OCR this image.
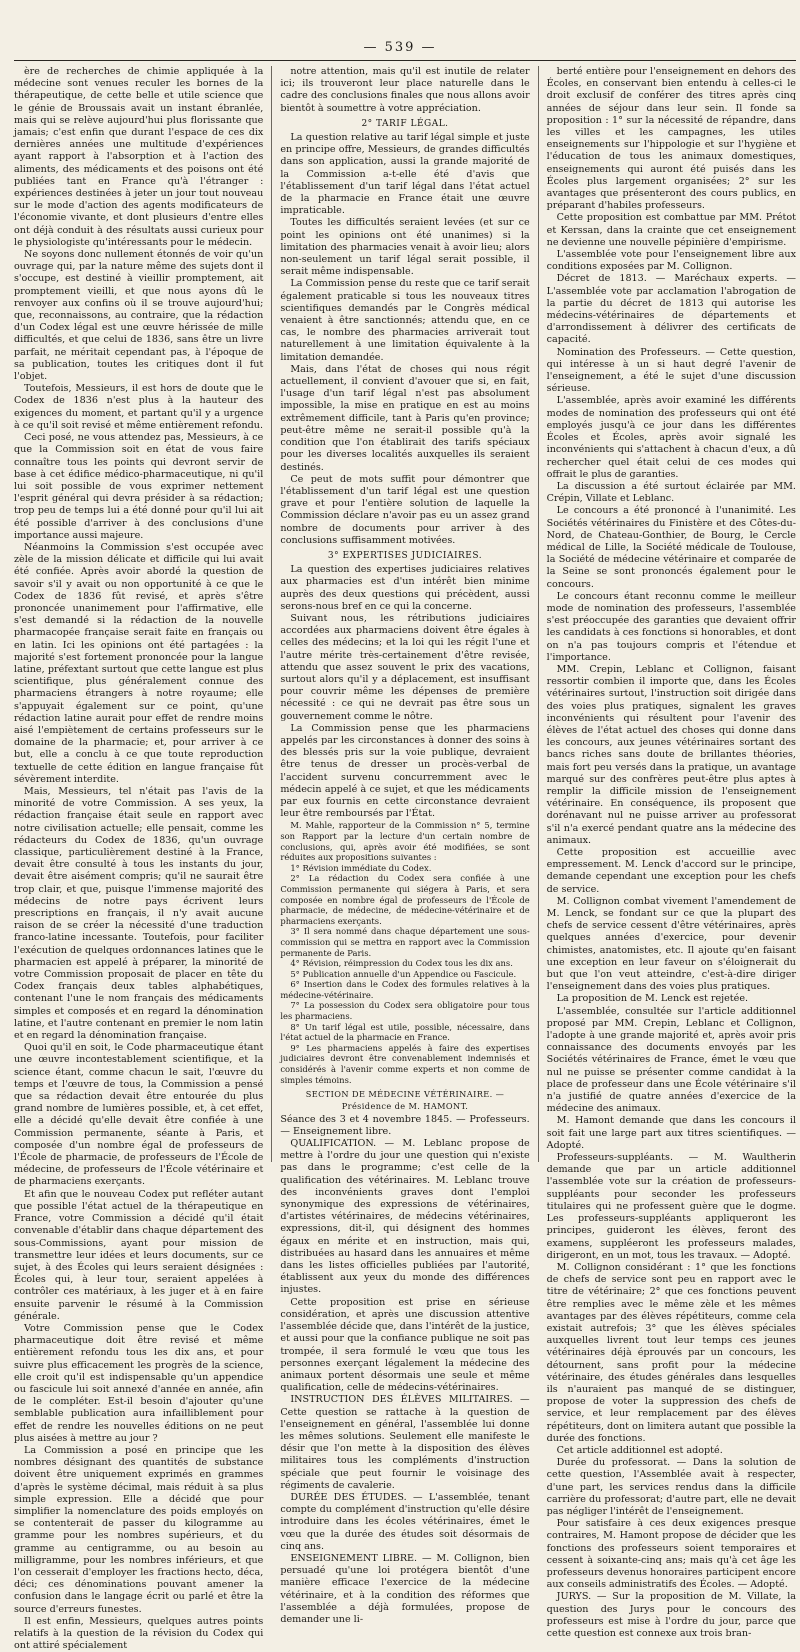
— 539 —

ère de recherches de chimie appliquée à la médecine sont venues reculer les bornes de la thérapeutique, de cette belle et utile science que le génie de Broussais avait un instant ébranlée, mais qui se relève aujourd'hui plus florissante que jamais; c'est enfin que durant l'espace de ces dix dernières années une multitude d'expériences ayant rapport à l'absorption et à l'action des aliments, des médicaments et des poisons ont été publiées tant en France qu'à l'étranger : expériences destinées à jeter un jour tout nouveau sur le mode d'action des agents modificateurs de l'économie vivante, et dont plusieurs d'entre elles ont déjà conduit à des résultats aussi curieux pour le physiologiste qu'intéressants pour le médecin.

Ne soyons donc nullement étonnés de voir qu'un ouvrage qui, par la nature même des sujets dont il s'occupe, est destiné à vieillir promptement, ait promptement vieilli, et que nous ayons dû le renvoyer aux confins où il se trouve aujourd'hui; que, reconnaissons, au contraire, que la rédaction d'un Codex légal est une œuvre hérissée de mille difficultés, et que celui de 1836, sans être un livre parfait, ne méritait cependant pas, à l'époque de sa publication, toutes les critiques dont il fut l'objet.

Toutefois, Messieurs, il est hors de doute que le Codex de 1836 n'est plus à la hauteur des exigences du moment, et partant qu'il y a urgence à ce qu'il soit revisé et même entièrement refondu.

Ceci posé, ne vous attendez pas, Messieurs, à ce que la Commission soit en état de vous faire connaître tous les points qui devront servir de base à cet édifice médico-pharmaceutique, ni qu'il lui soit possible de vous exprimer nettement l'esprit général qui devra présider à sa rédaction; trop peu de temps lui a été donné pour qu'il lui ait été possible d'arriver à des conclusions d'une importance aussi majeure.

Néanmoins la Commission s'est occupée avec zèle de la mission délicate et difficile qui lui avait été confiée. Après avoir abordé la question de savoir s'il y avait ou non opportunité à ce que le Codex de 1836 fût revisé, et après s'être prononcée unanimement pour l'affirmative, elle s'est demandé si la rédaction de la nouvelle pharmacopée française serait faite en français ou en latin. Ici les opinions ont été partagées : la majorité s'est fortement prononcée pour la langue latine, préfextant surtout que cette langue est plus scientifique, plus généralement connue des pharmaciens étrangers à notre royaume; elle s'appuyait également sur ce point, qu'une rédaction latine aurait pour effet de rendre moins aisé l'empiètement de certains professeurs sur le domaine de la pharmacie; et, pour arriver à ce but, elle a conclu à ce que toute reproduction textuelle de cette édition en langue française fût sévèrement interdite.

Mais, Messieurs, tel n'était pas l'avis de la minorité de votre Commission. A ses yeux, la rédaction française était seule en rapport avec notre civilisation actuelle; elle pensait, comme les rédacteurs du Codex de 1836, qu'un ouvrage classique, particulièrement destiné à la France, devait être consulté à tous les instants du jour, devait être aisément compris; qu'il ne saurait être trop clair, et que, puisque l'immense majorité des médecins de notre pays écrivent leurs prescriptions en français, il n'y avait aucune raison de se créer la nécessité d'une traduction franco-latine incessante. Toutefois, pour faciliter l'exécution de quelques ordonnances latines que le pharmacien est appelé à préparer, la minorité de votre Commission proposait de placer en tête du Codex français deux tables alphabétiques, contenant l'une le nom français des médicaments simples et composés et en regard la dénomination latine, et l'autre contenant en premier le nom latin et en regard la dénomination française.

Quoi qu'il en soit, le Code pharmaceutique étant une œuvre incontestablement scientifique, et la science étant, comme chacun le sait, l'œuvre du temps et l'œuvre de tous, la Commission a pensé que sa rédaction devait être entourée du plus grand nombre de lumières possible, et, à cet effet, elle a décidé qu'elle devait être confiée à une Commission permanente, séante à Paris, et composée d'un nombre égal de professeurs de l'École de pharmacie, de professeurs de l'École de médecine, de professeurs de l'École vétérinaire et de pharmaciens exerçants.

Et afin que le nouveau Codex put refléter autant que possible l'état actuel de la thérapeutique en France, votre Commission a décidé qu'il était convenable d'établir dans chaque département des sous-Commissions, ayant pour mission de transmettre leur idées et leurs documents, sur ce sujet, à des Écoles qui leurs seraient désignées : Écoles qui, à leur tour, seraient appelées à contrôler ces matériaux, à les juger et à en faire ensuite parvenir le résumé à la Commission générale.

Votre Commission pense que le Codex pharmaceutique doit être revisé et même entièrement refondu tous les dix ans, et pour suivre plus efficacement les progrès de la science, elle croit qu'il est indispensable qu'un appendice ou fascicule lui soit annexé d'année en année, afin de le compléter. Est-il besoin d'ajouter qu'une semblable publication aura infailliblement pour effet de rendre les nouvelles éditions on ne peut plus aisées à mettre au jour ?

La Commission a posé en principe que les nombres désignant des quantités de substance doivent être uniquement exprimés en grammes d'après le système décimal, mais réduit à sa plus simple expression. Elle a décidé que pour simplifier la nomenclature des poids employés on se contenterait de passer du kilogramme au gramme pour les nombres supérieurs, et du gramme au centigramme, ou au besoin au milligramme, pour les nombres inférieurs, et que l'on cesserait d'employer les fractions hecto, déca, déci; ces dénominations pouvant amener la confusion dans le langage écrit ou parlé et être la source d'erreurs funestes.

Il est enfin, Messieurs, quelques autres points relatifs à la question de la révision du Codex qui ont attiré spécialement

notre attention, mais qu'il est inutile de relater ici; ils trouveront leur place naturelle dans le cadre des conclusions finales que nous allons avoir bientôt à soumettre à votre appréciation.

2° TARIF LÉGAL.

La question relative au tarif légal simple et juste en principe offre, Messieurs, de grandes difficultés dans son application, aussi la grande majorité de la Commission a-t-elle été d'avis que l'établissement d'un tarif légal dans l'état actuel de la pharmacie en France était une œuvre impraticable.

Toutes les difficultés seraient levées (et sur ce point les opinions ont été unanimes) si la limitation des pharmacies venait à avoir lieu; alors non-seulement un tarif légal serait possible, il serait même indispensable.

La Commission pense du reste que ce tarif serait également praticable si tous les nouveaux titres scientifiques demandés par le Congrès médical venaient à être sanctionnés; attendu que, en ce cas, le nombre des pharmacies arriverait tout naturellement à une limitation équivalente à la limitation demandée.

Mais, dans l'état de choses qui nous régit actuellement, il convient d'avouer que si, en fait, l'usage d'un tarif légal n'est pas absolument impossible, la mise en pratique en est au moins extrêmement difficile, tant à Paris qu'en province; peut-être même ne serait-il possible qu'à la condition que l'on établirait des tarifs spéciaux pour les diverses localités auxquelles ils seraient destinés.

Ce peut de mots suffit pour démontrer que l'établissement d'un tarif légal est une question grave et pour l'entière solution de laquelle la Commission déclare n'avoir pas eu un assez grand nombre de documents pour arriver à des conclusions suffisamment motivées.

3° EXPERTISES JUDICIAIRES.

La question des expertises judiciaires relatives aux pharmacies est d'un intérêt bien minime auprès des deux questions qui précèdent, aussi serons-nous bref en ce qui la concerne.

Suivant nous, les rétributions judiciaires accordées aux pharmaciens doivent être égales à celles des médecins; et la loi qui les régit l'une et l'autre mérite très-certainement d'être revisée, attendu que assez souvent le prix des vacations, surtout alors qu'il y a déplacement, est insuffisant pour couvrir même les dépenses de première nécessité : ce qui ne devrait pas être sous un gouvernement comme le nôtre.

La Commission pense que les pharmaciens appelés par les circonstances à donner des soins à des blessés pris sur la voie publique, devraient être tenus de dresser un procès-verbal de l'accident survenu concurremment avec le médecin appelé à ce sujet, et que les médicaments par eux fournis en cette circonstance devraient leur être remboursés par l'État.

M. Mahle, rapporteur de la Commission n° 5, termine son Rapport par la lecture d'un certain nombre de conclusions, qui, après avoir été modifiées, se sont réduites aux propositions suivantes :

1° Révision immédiate du Codex.

2° La rédaction du Codex sera confiée à une Commission permanente qui siégera à Paris, et sera composée en nombre égal de professeurs de l'École de pharmacie, de médecine, de médecine-vétérinaire et de pharmaciens exerçants.

3° Il sera nommé dans chaque département une sous-commission qui se mettra en rapport avec la Commission permanente de Paris.

4° Révision, réimpression du Codex tous les dix ans.

5° Publication annuelle d'un Appendice ou Fascicule.

6° Insertion dans le Codex des formules relatives à la médecine-vétérinaire.

7° La possession du Codex sera obligatoire pour tous les pharmaciens.

8° Un tarif légal est utile, possible, nécessaire, dans l'état actuel de la pharmacie en France.

9° Les pharmaciens appelés à faire des expertises judiciaires devront être convenablement indemnisés et considérés à l'avenir comme experts et non comme de simples témoins.

SECTION DE MÉDECINE VÉTÉRINAIRE. — Présidence de M. HAMONT.

Séance des 3 et 4 novembre 1845. — Professeurs. — Enseignement libre.

QUALIFICATION. — M. Leblanc propose de mettre à l'ordre du jour une question qui n'existe pas dans le programme; c'est celle de la qualification des vétérinaires. M. Leblanc trouve des inconvénients graves dont l'emploi synonymique des expressions de vétérinaires, d'artistes vétérinaires, de médecins vétérinaires, expressions, dit-il, qui désignent des hommes égaux en mérite et en instruction, mais qui, distribuées au hasard dans les annuaires et même dans les listes officielles publiées par l'autorité, établissent aux yeux du monde des différences injustes.

Cette proposition est prise en sérieuse considération, et après une discussion attentive l'assemblée décide que, dans l'intérêt de la justice, et aussi pour que la confiance publique ne soit pas trompée, il sera formulé le vœu que tous les personnes exerçant légalement la médecine des animaux portent désormais une seule et même qualification, celle de médecins-vétérinaires.

INSTRUCTION DES ÉLÈVES MILITAIRES. — Cette question se rattache à la question de l'enseignement en général, l'assemblée lui donne les mêmes solutions. Seulement elle manifeste le désir que l'on mette à la disposition des élèves militaires tous les compléments d'instruction spéciale que peut fournir le voisinage des régiments de cavalerie.

DURÉE DES ÉTUDES. — L'assemblée, tenant compte du complément d'instruction qu'elle désire introduire dans les écoles vétérinaires, émet le vœu que la durée des études soit désormais de cinq ans.

ENSEIGNEMENT LIBRE. — M. Collignon, bien persuadé qu'une loi protégera bientôt d'une manière efficace l'exercice de la médecine vétérinaire, et à la condition des réformes que l'assemblée a déjà formulées, propose de demander une li-

berté entière pour l'enseignement en dehors des Écoles, en conservant bien entendu à celles-ci le droit exclusif de conférer des titres après cinq années de séjour dans leur sein. Il fonde sa proposition : 1° sur la nécessité de répandre, dans les villes et les campagnes, les utiles enseignements sur l'hippologie et sur l'hygiène et l'éducation de tous les animaux domestiques, enseignements qui auront été puisés dans les Écoles plus largement organisées; 2° sur les avantages que présenteront des cours publics, en préparant d'habiles professeurs.

Cette proposition est combattue par MM. Prétot et Kerssan, dans la crainte que cet enseignement ne devienne une nouvelle pépinière d'empirisme.

L'assemblée vote pour l'enseignement libre aux conditions exposées par M. Collignon.

Décret de 1813. — Maréchaux experts. — L'assemblée vote par acclamation l'abrogation de la partie du décret de 1813 qui autorise les médecins-vétérinaires de départements et d'arrondissement à délivrer des certificats de capacité.

Nomination des Professeurs. — Cette question, qui intéresse à un si haut degré l'avenir de l'enseignement, a été le sujet d'une discussion sérieuse.

L'assemblée, après avoir examiné les différents modes de nomination des professeurs qui ont été employés jusqu'à ce jour dans les différentes Écoles et Écoles, après avoir signalé les inconvénients qui s'attachent à chacun d'eux, a dû rechercher quel était celui de ces modes qui offrait le plus de garanties.

La discussion a été surtout éclairée par MM. Crépin, Villate et Leblanc.

Le concours a été prononcé à l'unanimité. Les Sociétés vétérinaires du Finistère et des Côtes-du-Nord, de Chateau-Gonthier, de Bourg, le Cercle médical de Lille, la Société médicale de Toulouse, la Société de médecine vétérinaire et comparée de la Seine se sont prononcés également pour le concours.

Le concours étant reconnu comme le meilleur mode de nomination des professeurs, l'assemblée s'est préoccupée des garanties que devaient offrir les candidats à ces fonctions si honorables, et dont on n'a pas toujours compris et l'étendue et l'importance.

MM. Crepin, Leblanc et Collignon, faisant ressortir combien il importe que, dans les Écoles vétérinaires surtout, l'instruction soit dirigée dans des voies plus pratiques, signalent les graves inconvénients qui résultent pour l'avenir des élèves de l'état actuel des choses qui donne dans les concours, aux jeunes vétérinaires sortant des bancs riches sans doute de brillantes théories, mais fort peu versés dans la pratique, un avantage marqué sur des confrères peut-être plus aptes à remplir la difficile mission de l'enseignement vétérinaire. En conséquence, ils proposent que dorénavant nul ne puisse arriver au professorat s'il n'a exercé pendant quatre ans la médecine des animaux.

Cette proposition est accueillie avec empressement. M. Lenck d'accord sur le principe, demande cependant une exception pour les chefs de service.

M. Collignon combat vivement l'amendement de M. Lenck, se fondant sur ce que la plupart des chefs de service cessent d'être vétérinaires, après quelques années d'exercice, pour devenir chimistes, anatomistes, etc. Il ajoute qu'en faisant une exception en leur faveur on s'éloignerait du but que l'on veut atteindre, c'est-à-dire diriger l'enseignement dans des voies plus pratiques.

La proposition de M. Lenck est rejetée.

L'assemblée, consultée sur l'article additionnel proposé par MM. Crepin, Leblanc et Collignon, l'adopte à une grande majorité et, après avoir pris connaissance des documents envoyés par les Sociétés vétérinaires de France, émet le vœu que nul ne puisse se présenter comme candidat à la place de professeur dans une École vétérinaire s'il n'a justifié de quatre années d'exercice de la médecine des animaux.

M. Hamont demande que dans les concours il soit fait une large part aux titres scientifiques. — Adopté.

Professeurs-suppléants. — M. Waultherin demande que par un article additionnel l'assemblée vote sur la création de professeurs-suppléants pour seconder les professeurs titulaires qui ne professent guère que le dogme. Les professeurs-suppléants appliqueront les principes, guideront les élèves, feront des examens, suppléeront les professeurs malades, dirigeront, en un mot, tous les travaux. — Adopté.

M. Collignon considérant : 1° que les fonctions de chefs de service sont peu en rapport avec le titre de vétérinaire; 2° que ces fonctions peuvent être remplies avec le même zèle et les mêmes avantages par des élèves répétiteurs, comme cela existait autrefois; 3° que les élèves spéciales auxquelles livrent tout leur temps ces jeunes vétérinaires déjà éprouvés par un concours, les détournent, sans profit pour la médecine vétérinaire, des études générales dans lesquelles ils n'auraient pas manqué de se distinguer, propose de voter la suppression des chefs de service, et leur remplacement par des élèves répétiteurs, dont on limitera autant que possible la durée des fonctions.

Cet article additionnel est adopté.

Durée du professorat. — Dans la solution de cette question, l'Assemblée avait à respecter, d'une part, les services rendus dans la difficile carrière du professorat; d'autre part, elle ne devait pas négliger l'intérêt de l'enseignement.

Pour satisfaire à ces deux exigences presque contraires, M. Hamont propose de décider que les fonctions des professeurs soient temporaires et cessent à soixante-cinq ans; mais qu'à cet âge les professeurs devenus honoraires participent encore aux conseils administratifs des Écoles. — Adopté.

JURYS. — Sur la proposition de M. Villate, la question des Jurys pour le concours des professeurs est mise à l'ordre du jour, parce que cette question est connexe aux trois bran-
